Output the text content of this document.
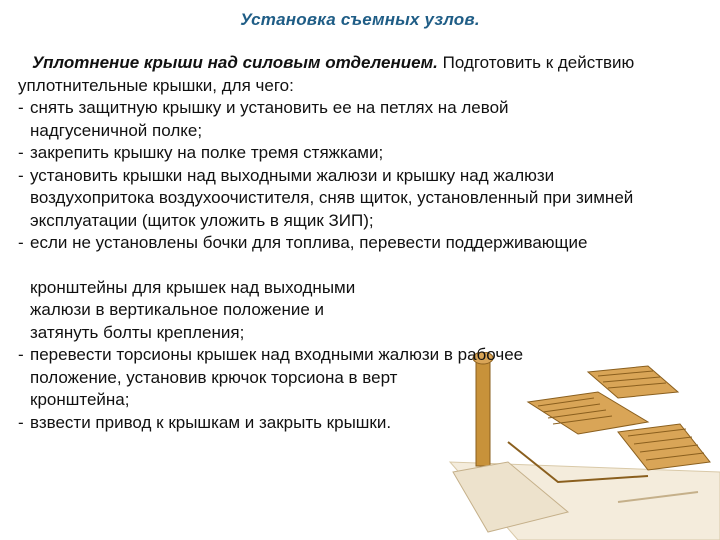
Установка съемных узлов.

Уплотнение крыши над силовым отделением. Подготовить к действию уплотнительные крышки, для чего:

- снять защитную крышку и установить ее на петлях на левой
надгусеничной полке;
- закрепить крышку на полке тремя стяжками;
- установить крышки над выходными жалюзи и крышку над жалюзи
воздухопритока воздухоочистителя, сняв щиток, установленный при зимней эксплуатации (щиток уложить в ящик ЗИП);
- если не установлены бочки для топлива, перевести поддерживающие
кронштейны для крышек над выходными жалюзи в вертикальное положение и затянуть болты крепления;
- перевести торсионы крышек над входными жалюзи в рабочее
положение, установив крючок торсиона в верт кронштейна;
- взвести привод к крышкам и закрыть крышки.
